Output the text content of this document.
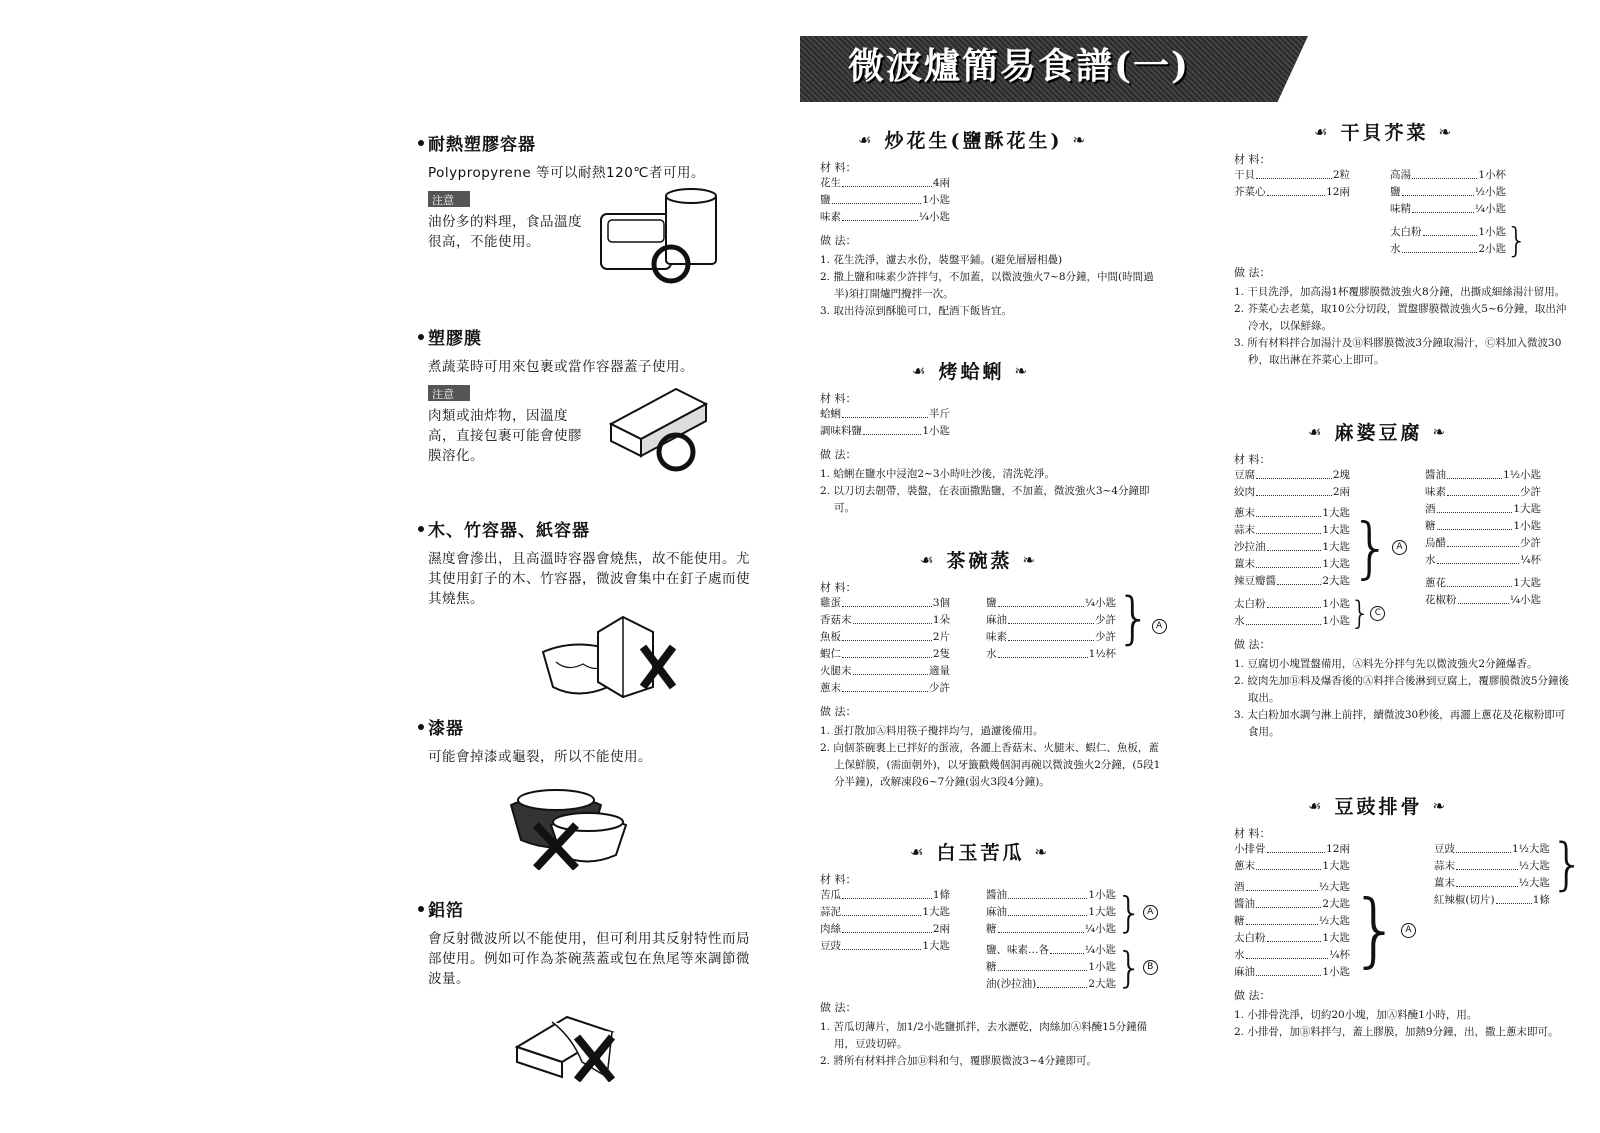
耐熱塑膠容器
Polypropyrene 等可以耐熱120℃者可用。
注意
油份多的料理，食品溫度很高，不能使用。
塑膠膜
煮蔬菜時可用來包裹或當作容器蓋子使用。
注意
肉類或油炸物，因溫度高，直接包裹可能會使膠膜溶化。
木、竹容器、紙容器
濕度會滲出，且高溫時容器會燒焦，故不能使用。尤其使用釘子的木、竹容器，微波會集中在釘子處而使其燒焦。
漆器
可能會掉漆或龜裂，所以不能使用。
鋁箔
會反射微波所以不能使用，但可利用其反射特性而局部使用。例如可作為茶碗蒸蓋或包在魚尾等來調節微波量。
微波爐簡易食譜(一)
☙ 炒花生(鹽酥花生) ❧
材 料：
花生	4兩
鹽	1小匙
味素	¼小匙
做 法：
1. 花生洗淨，濾去水份，裝盤平鋪。(避免層層相疊)
2. 撒上鹽和味素少許拌勻，不加蓋，以微波強火7~8分鐘，中間(時間過半)須打開爐門攪拌一次。
3. 取出待涼到酥脆可口，配酒下飯皆宜。
☙ 烤蛤蜊 ❧
材 料：
蛤蜊	半斤
調味料鹽	1小匙
做 法：
1. 蛤蜊在鹽水中浸泡2~3小時吐沙後，清洗乾淨。
2. 以刀切去韌帶，裝盤，在表面撒點鹽，不加蓋，微波強火3~4分鐘即可。
☙ 茶碗蒸 ❧
材 料：
雞蛋	3個
香菇末	1朵
魚板	2片
蝦仁	2隻
火腿末	適量
蔥末	少許
鹽	¼小匙
麻油	少許
味素	少許
水	1½杯
} A
做 法：
1. 蛋打散加Ⓐ料用筷子攪拌均勻，過濾後備用。
2. 向個茶碗裏上已拌好的蛋液，各灑上香菇末、火腿末、蝦仁、魚板，蓋上保鮮膜，(需面朝外)，以牙籤戳幾個洞再碗以微波強火2分鐘，(5段1分半鐘)，改解凍段6~7分鐘(弱火3段4分鐘)。
☙ 白玉苦瓜 ❧
材 料：
苦瓜	1條
蒜泥	1大匙
肉絲	2兩
豆豉	1大匙
醬油	1小匙
麻油	1大匙
糖	¼小匙 } A
鹽、味素…各	¼小匙
糖	1小匙
油(沙拉油)	2大匙 } B
做 法：
1. 苦瓜切薄片，加1/2小匙鹽抓拌，去水瀝乾，肉絲加Ⓐ料醃15分鐘備用，豆豉切碎。
2. 將所有材料拌合加Ⓑ料和勻，覆膠膜微波3~4分鐘即可。
☙ 干貝芥菜 ❧
材 料：
干貝	2粒
芥菜心	12兩
高湯	1小杯
鹽	½小匙
味精	¼小匙
太白粉	1小匙
水	2小匙 }
做 法：
1. 干貝洗淨，加高湯1杯覆膠膜微波強火8分鐘，出撕成細絲湯汁留用。
2. 芥菜心去老葉，取10公分切段，置盤膠膜微波強火5~6分鐘，取出沖冷水，以保鮮綠。
3. 所有材料拌合加湯汁及Ⓑ料膠膜微波3分鐘取湯汁，Ⓒ料加入微波30秒，取出淋在芥菜心上即可。
☙ 麻婆豆腐 ❧
材 料：
豆腐	2塊
絞肉	2兩
蔥末	1大匙
蒜末	1大匙
沙拉油	1大匙
薑末	1大匙
辣豆瓣醬	2大匙 } A
太白粉	1小匙
水	1小匙 } C
醬油	1½小匙
味素	少許
酒	1大匙
糖	1小匙
烏醋	少許
水	¼杯
蔥花	1大匙
花椒粉	¼小匙
做 法：
1. 豆腐切小塊置盤備用，Ⓐ料先分拌勻先以微波強火2分鐘爆香。
2. 絞肉先加Ⓑ料及爆香後的Ⓐ料拌合後淋到豆腐上，覆膠膜微波5分鐘後取出。
3. 太白粉加水調勻淋上前拌，續微波30秒後，再灑上蔥花及花椒粉即可食用。
☙ 豆豉排骨 ❧
材 料：
小排骨	12兩
蔥末	1大匙
酒	½大匙
醬油	2大匙
糖	½大匙
太白粉	1大匙
水	¼杯
麻油	1小匙 } A
豆豉	1½大匙
蒜末	½大匙
薑末	½大匙
紅辣椒(切片)	1條
}
做 法：
1. 小排骨洗淨，切約20小塊，加Ⓐ料醃1小時，用。
2. 小排骨，加Ⓑ料拌勻，蓋上膠膜，加熱9分鐘，出，撒上蔥末即可。
